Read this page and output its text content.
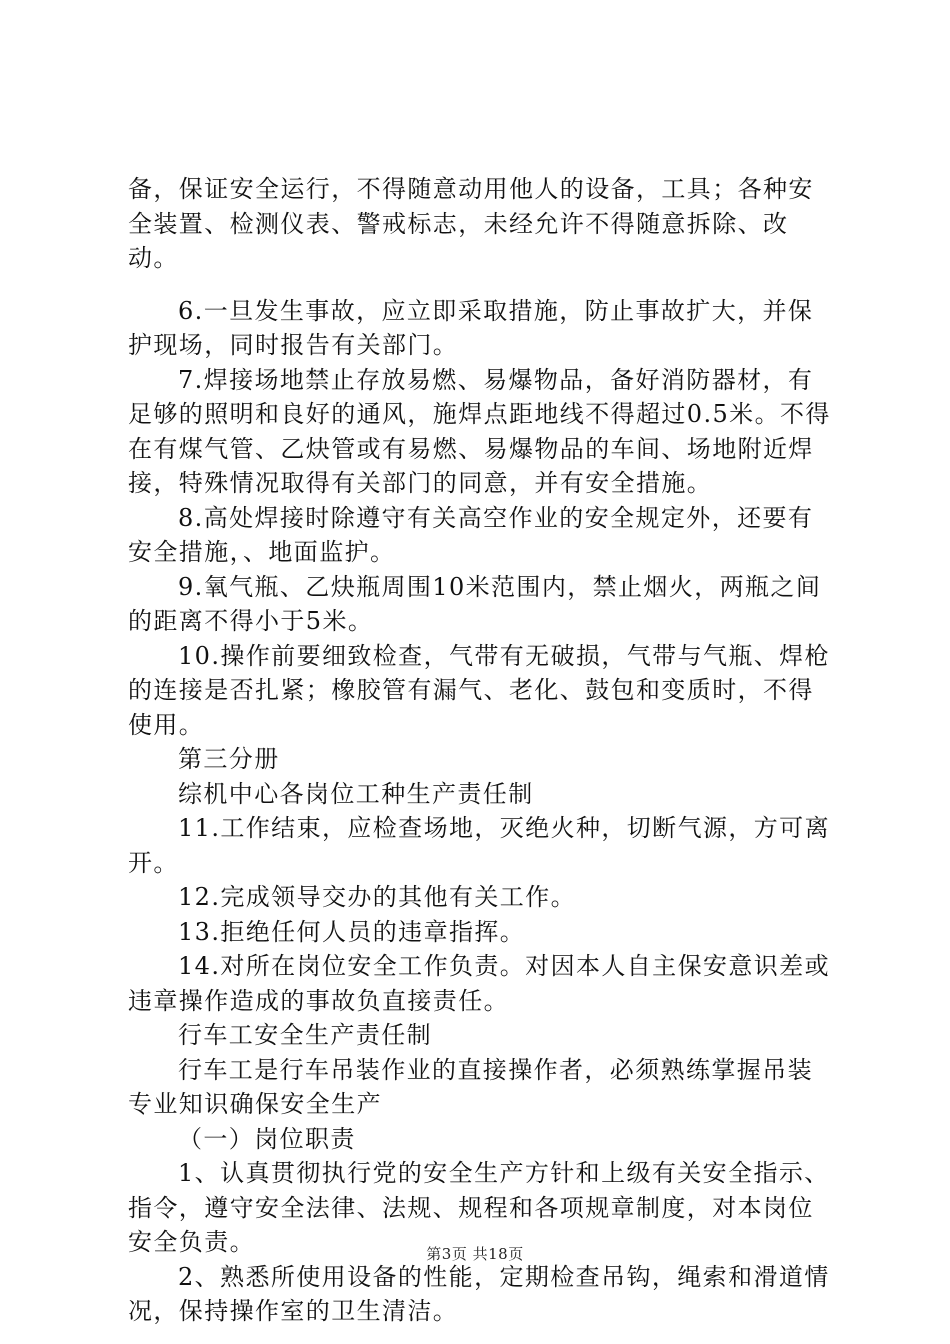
备，保证安全运行，不得随意动用他人的设备，工具；各种安全装置、检测仪表、警戒标志，未经允许不得随意拆除、改动。

6.一旦发生事故，应立即采取措施，防止事故扩大，并保护现场，同时报告有关部门。

7.焊接场地禁止存放易燃、易爆物品，备好消防器材，有足够的照明和良好的通风，施焊点距地线不得超过0.5米。不得在有煤气管、乙炔管或有易燃、易爆物品的车间、场地附近焊接，特殊情况取得有关部门的同意，并有安全措施。

8.高处焊接时除遵守有关高空作业的安全规定外，还要有安全措施，、地面监护。

9.氧气瓶、乙炔瓶周围10米范围内，禁止烟火，两瓶之间的距离不得小于5米。

10.操作前要细致检查，气带有无破损，气带与气瓶、焊枪的连接是否扎紧；橡胶管有漏气、老化、鼓包和变质时，不得使用。

第三分册

综机中心各岗位工种生产责任制

11.工作结束，应检查场地，灭绝火种，切断气源，方可离开。

12.完成领导交办的其他有关工作。

13.拒绝任何人员的违章指挥。

14.对所在岗位安全工作负责。对因本人自主保安意识差或违章操作造成的事故负直接责任。

行车工安全生产责任制

行车工是行车吊装作业的直接操作者，必须熟练掌握吊装专业知识确保安全生产

（一）岗位职责

1、认真贯彻执行党的安全生产方针和上级有关安全指示、指令，遵守安全法律、法规、规程和各项规章制度，对本岗位安全负责。

2、熟悉所使用设备的性能，定期检查吊钩，绳索和滑道情况，保持操作室的卫生清洁。

第3页 共18页
